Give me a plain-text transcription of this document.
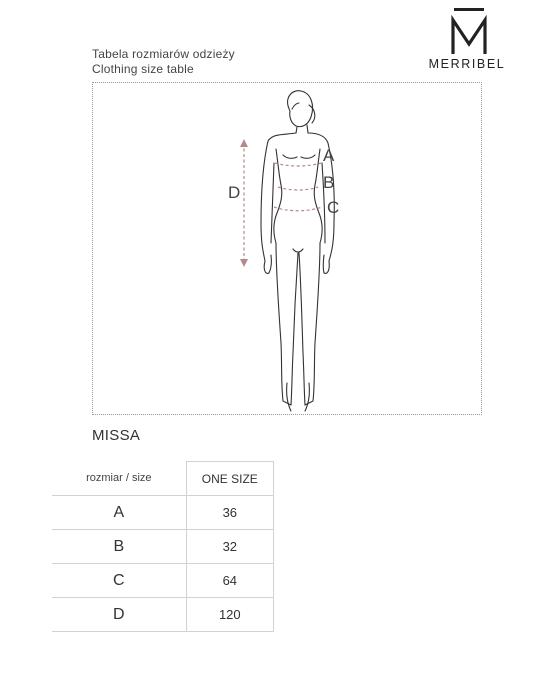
MERRIBEL
Tabela rozmiarów odzieży
Clothing size table
A
B
C
D
MISSA
rozmiar / size	ONE SIZE
A	36
B	32
C	64
D	120
